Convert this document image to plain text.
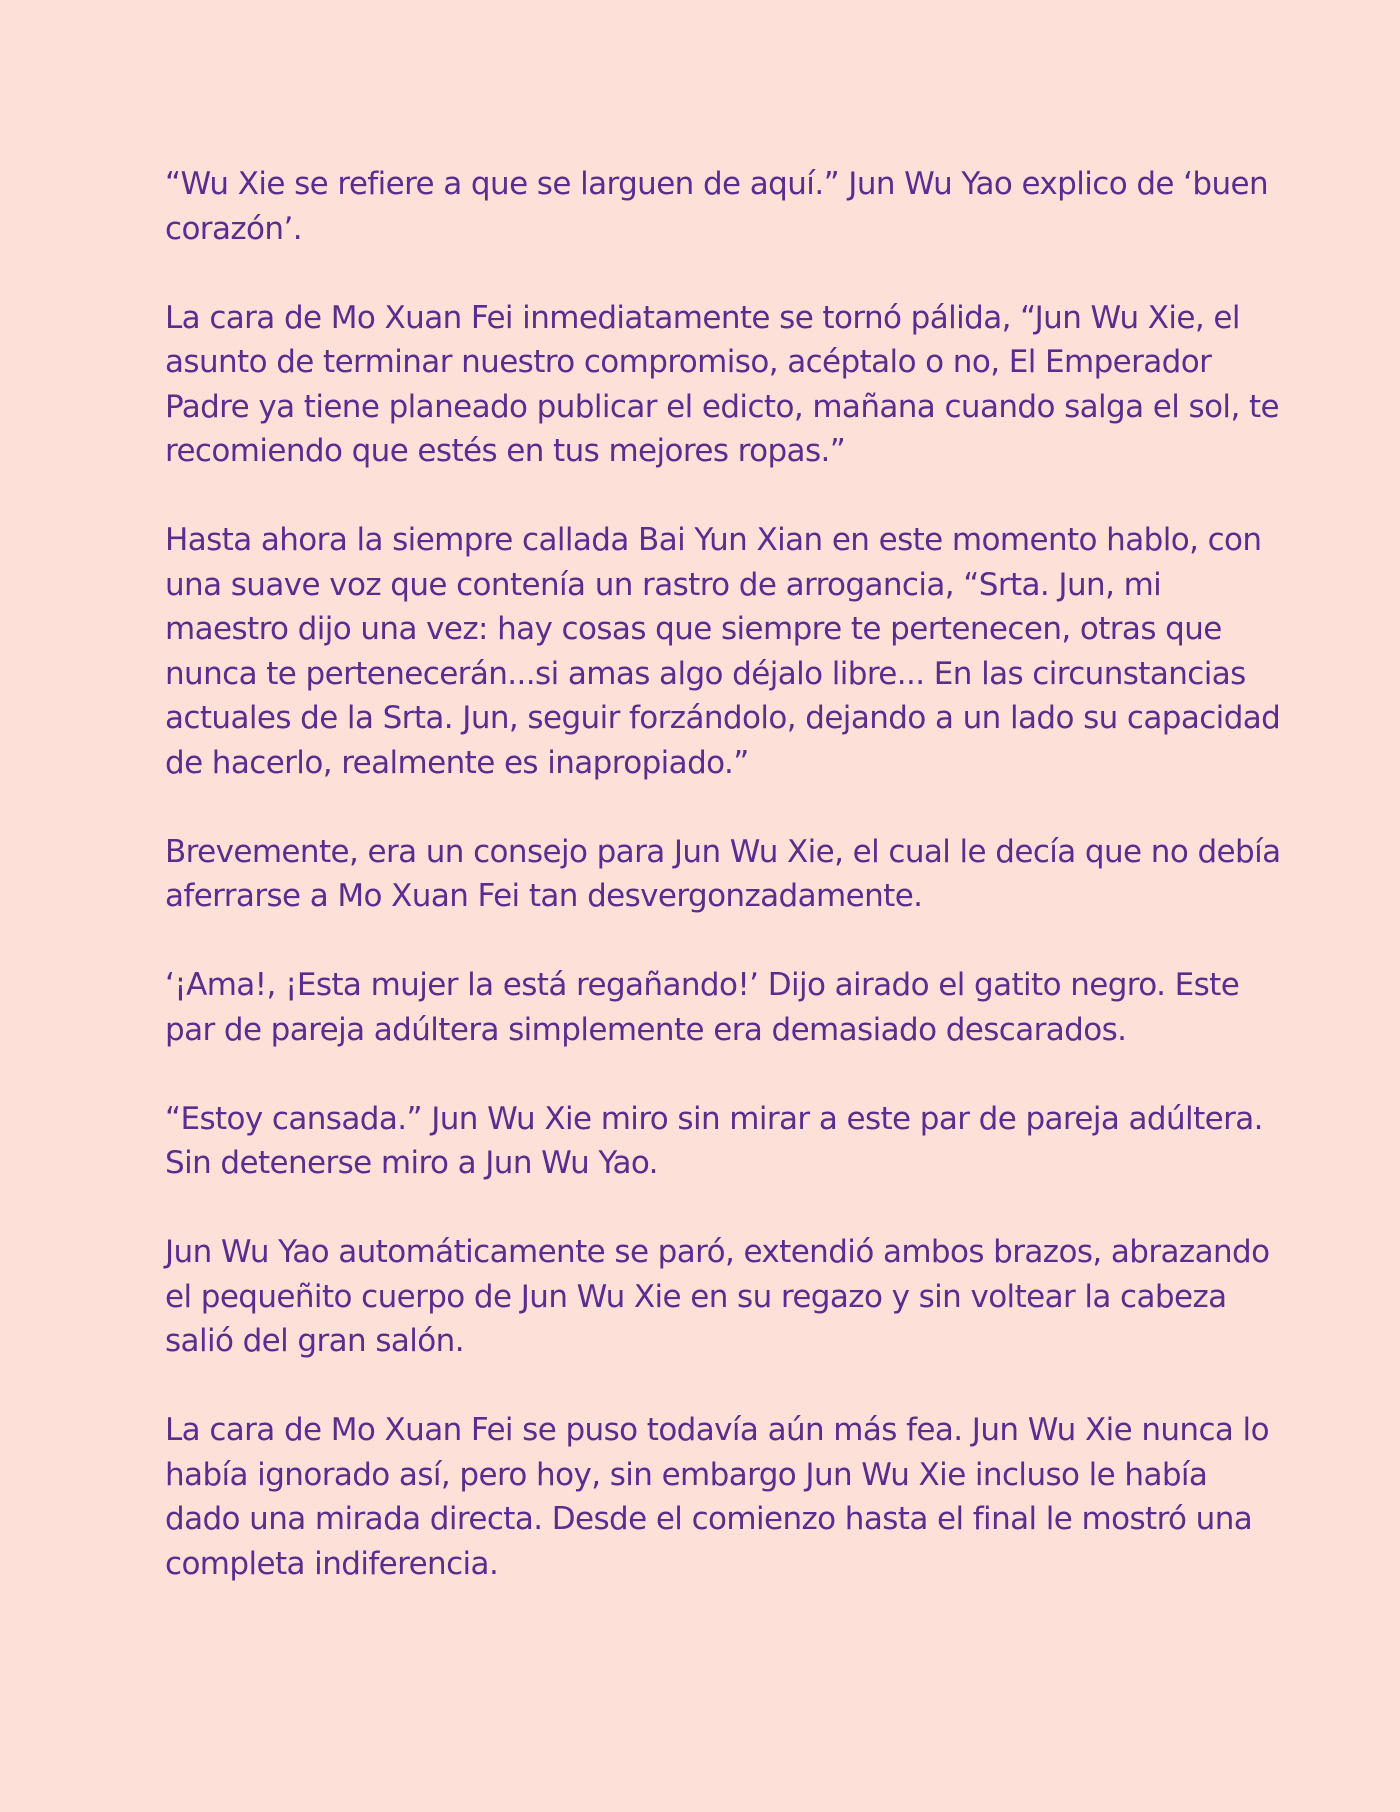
“Wu Xie se refiere a que se larguen de aquí.” Jun Wu Yao explico de ‘buen corazón’.

La cara de Mo Xuan Fei inmediatamente se tornó pálida, “Jun Wu Xie, el asunto de terminar nuestro compromiso, acéptalo o no, El Emperador Padre ya tiene planeado publicar el edicto, mañana cuando salga el sol, te recomiendo que estés en tus mejores ropas.”

Hasta ahora la siempre callada Bai Yun Xian en este momento hablo, con una suave voz que contenía un rastro de arrogancia, “Srta. Jun, mi maestro dijo una vez: hay cosas que siempre te pertenecen, otras que nunca te pertenecerán...si amas algo déjalo libre... En las circunstancias actuales de la Srta. Jun, seguir forzándolo, dejando a un lado su capacidad de hacerlo, realmente es inapropiado.”

Brevemente, era un consejo para Jun Wu Xie, el cual le decía que no debía aferrarse a Mo Xuan Fei tan desvergonzadamente.

‘¡Ama!, ¡Esta mujer la está regañando!’ Dijo airado el gatito negro. Este par de pareja adúltera simplemente era demasiado descarados.

“Estoy cansada.” Jun Wu Xie miro sin mirar a este par de pareja adúltera. Sin detenerse miro a Jun Wu Yao.

Jun Wu Yao automáticamente se paró, extendió ambos brazos, abrazando el pequeñito cuerpo de Jun Wu Xie en su regazo y sin voltear la cabeza salió del gran salón.

La cara de Mo Xuan Fei se puso todavía aún más fea. Jun Wu Xie nunca lo había ignorado así, pero hoy, sin embargo Jun Wu Xie incluso le había dado una mirada directa. Desde el comienzo hasta el final le mostró una completa indiferencia.
